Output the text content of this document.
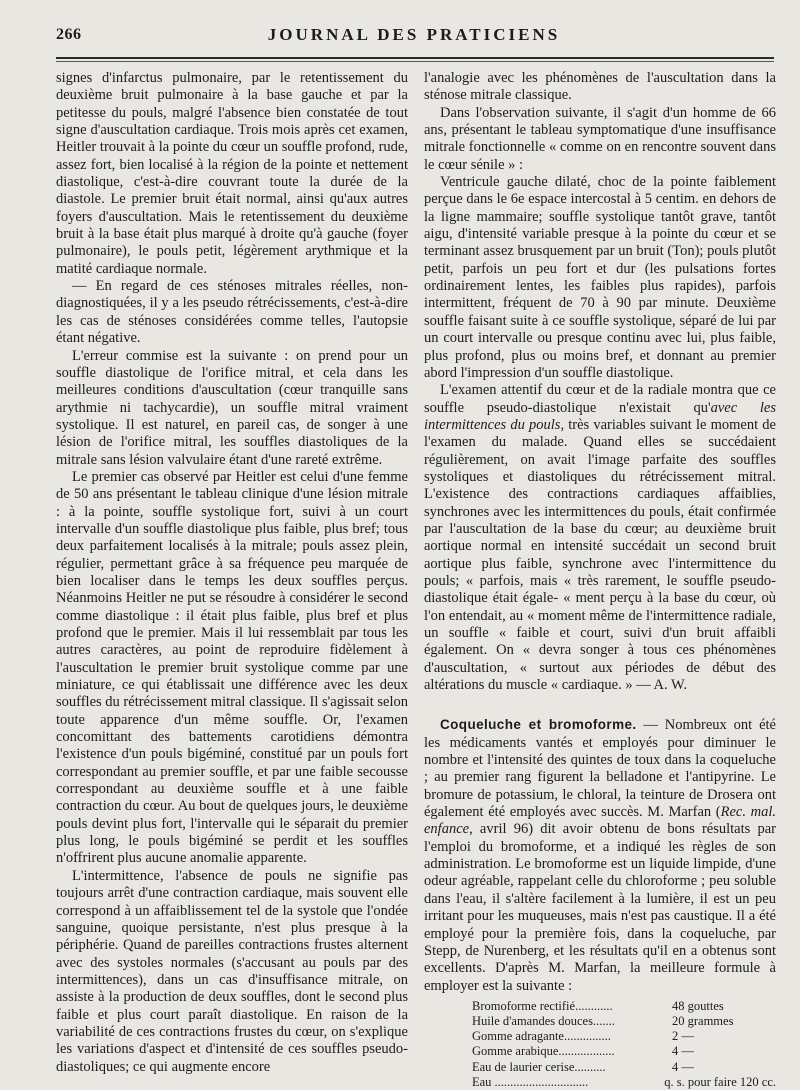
266	JOURNAL DES PRATICIENS

signes d'infarctus pulmonaire, par le retentissement du deuxième bruit pulmonaire à la base gauche et par la petitesse du pouls, malgré l'absence bien constatée de tout signe d'auscultation cardiaque. Trois mois après cet examen, Heitler trouvait à la pointe du cœur un souffle profond, rude, assez fort, bien localisé à la région de la pointe et nettement diastolique, c'est-à-dire couvrant toute la durée de la diastole. Le premier bruit était normal, ainsi qu'aux autres foyers d'auscultation. Mais le retentissement du deuxième bruit à la base était plus marqué à droite qu'à gauche (foyer pulmonaire), le pouls petit, légèrement arythmique et la matité cardiaque normale.

— En regard de ces sténoses mitrales réelles, non-diagnostiquées, il y a les pseudo rétrécissements, c'est-à-dire les cas de sténoses considérées comme telles, l'autopsie étant négative.

L'erreur commise est la suivante : on prend pour un souffle diastolique de l'orifice mitral, et cela dans les meilleures conditions d'auscultation (cœur tranquille sans arythmie ni tachycardie), un souffle mitral vraiment systolique. Il est naturel, en pareil cas, de songer à une lésion de l'orifice mitral, les souffles diastoliques de la mitrale sans lésion valvulaire étant d'une rareté extrême.

Le premier cas observé par Heitler est celui d'une femme de 50 ans présentant le tableau clinique d'une lésion mitrale : à la pointe, souffle systolique fort, suivi à un court intervalle d'un souffle diastolique plus faible, plus bref; tous deux parfaitement localisés à la mitrale; pouls assez plein, régulier, permettant grâce à sa fréquence peu marquée de bien localiser dans le temps les deux souffles perçus. Néanmoins Heitler ne put se résoudre à considérer le second comme diastolique : il était plus faible, plus bref et plus profond que le premier. Mais il lui ressemblait par tous les autres caractères, au point de reproduire fidèlement à l'auscultation le premier bruit systolique comme par une miniature, ce qui établissait une différence avec les deux souffles du rétrécissement mitral classique. Il s'agissait selon toute apparence d'un même souffle. Or, l'examen concomittant des battements carotidiens démontra l'existence d'un pouls bigéminé, constitué par un pouls fort correspondant au premier souffle, et par une faible secousse correspondant au deuxième souffle et à une faible contraction du cœur. Au bout de quelques jours, le deuxième pouls devint plus fort, l'intervalle qui le séparait du premier plus long, le pouls bigéminé se perdit et les souffles n'offrirent plus aucune anomalie apparente.

L'intermittence, l'absence de pouls ne signifie pas toujours arrêt d'une contraction cardiaque, mais souvent elle correspond à un affaiblissement tel de la systole que l'ondée sanguine, quoique persistante, n'est plus presque à la périphérie. Quand de pareilles contractions frustes alternent avec des systoles normales (s'accusant au pouls par des intermittences), dans un cas d'insuffisance mitrale, on assiste à la production de deux souffles, dont le second plus faible et plus court paraît diastolique. En raison de la variabilité de ces contractions frustes du cœur, on s'explique les variations d'aspect et d'intensité de ces souffles pseudo-diastoliques; ce qui augmente encore

l'analogie avec les phénomènes de l'auscultation dans la sténose mitrale classique.

Dans l'observation suivante, il s'agit d'un homme de 66 ans, présentant le tableau symptomatique d'une insuffisance mitrale fonctionnelle « comme on en rencontre souvent dans le cœur sénile » :

Ventricule gauche dilaté, choc de la pointe faiblement perçue dans le 6e espace intercostal à 5 centim. en dehors de la ligne mammaire; souffle systolique tantôt grave, tantôt aigu, d'intensité variable presque à la pointe du cœur et se terminant assez brusquement par un bruit (Ton); pouls plutôt petit, parfois un peu fort et dur (les pulsations fortes ordinairement lentes, les faibles plus rapides), parfois intermittent, fréquent de 70 à 90 par minute. Deuxième souffle faisant suite à ce souffle systolique, séparé de lui par un court intervalle ou presque continu avec lui, plus faible, plus profond, plus ou moins bref, et donnant au premier abord l'impression d'un souffle diastolique.

L'examen attentif du cœur et de la radiale montra que ce souffle pseudo-diastolique n'existait qu'avec les intermittences du pouls, très variables suivant le moment de l'examen du malade. Quand elles se succédaient régulièrement, on avait l'image parfaite des souffles systoliques et diastoliques du rétrécissement mitral. L'existence des contractions cardiaques affaiblies, synchrones avec les intermittences du pouls, était confirmée par l'auscultation de la base du cœur; au deuxième bruit aortique normal en intensité succédait un second bruit aortique plus faible, synchrone avec l'intermittence du pouls; « parfois, mais « très rarement, le souffle pseudo-diastolique était égale- « ment perçu à la base du cœur, où l'on entendait, au « moment même de l'intermittence radiale, un souffle « faible et court, suivi d'un bruit affaibli également. On « devra songer à tous ces phénomènes d'auscultation, « surtout aux périodes de début des altérations du muscle « cardiaque. » — A. W.

Coqueluche et bromoforme. — Nombreux ont été les médicaments vantés et employés pour diminuer le nombre et l'intensité des quintes de toux dans la coqueluche ; au premier rang figurent la belladone et l'antipyrine. Le bromure de potassium, le chloral, la teinture de Drosera ont également été employés avec succès. M. Marfan (Rec. mal. enfance, avril 96) dit avoir obtenu de bons résultats par l'emploi du bromoforme, et a indiqué les règles de son administration. Le bromoforme est un liquide limpide, d'une odeur agréable, rappelant celle du chloroforme ; peu soluble dans l'eau, il s'altère facilement à la lumière, il est un peu irritant pour les muqueuses, mais n'est pas caustique. Il a été employé pour la première fois, dans la coqueluche, par Stepp, de Nurenberg, et les résultats qu'il en a obtenus sont excellents. D'après M. Marfan, la meilleure formule à employer est la suivante :

Bromoforme rectifié............	48 gouttes
Huile d'amandes douces.......	20 grammes
Gomme adragante...............	2 —
Gomme arabique..................	4 —
Eau de laurier cerise..........	4 —
Eau ..............................	q. s. pour faire 120 cc.
